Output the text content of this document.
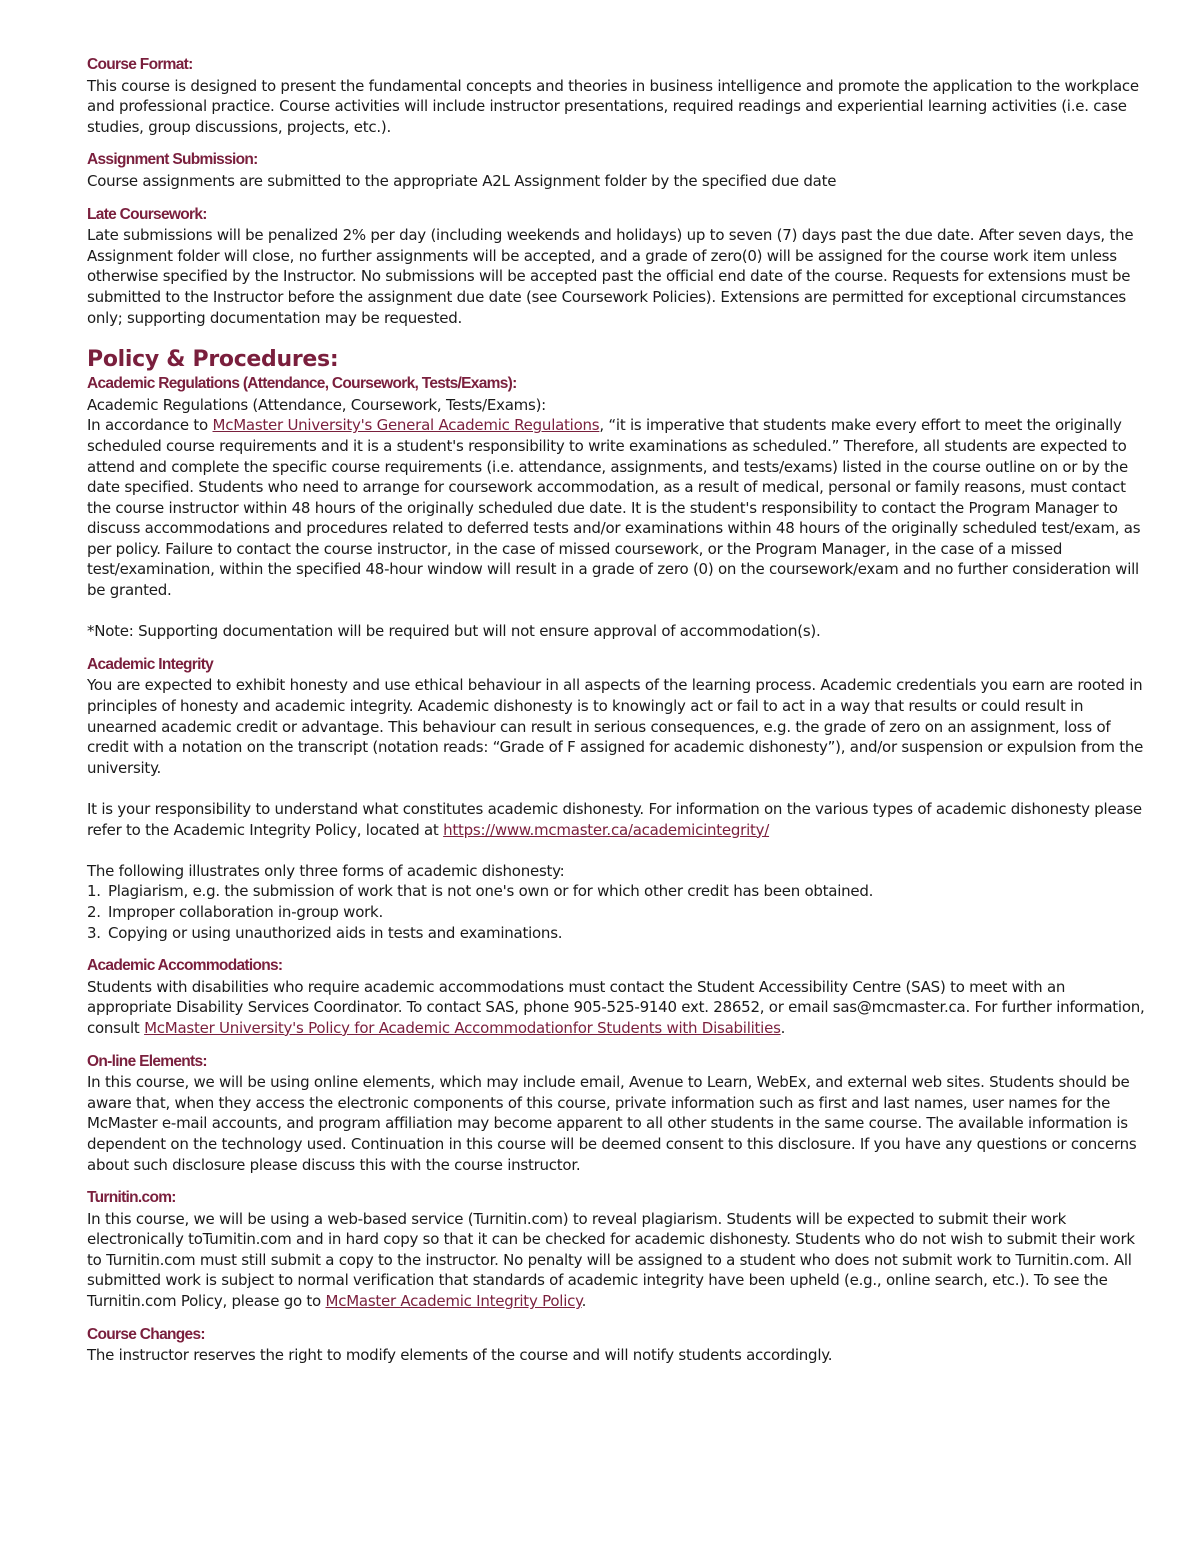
Course Format:

This course is designed to present the fundamental concepts and theories in business intelligence and promote the application to the workplace and professional practice. Course activities will include instructor presentations, required readings and experiential learning activities (i.e. case studies, group discussions, projects, etc.).

Assignment Submission:

Course assignments are submitted to the appropriate A2L Assignment folder by the specified due date

Late Coursework:

Late submissions will be penalized 2% per day (including weekends and holidays) up to seven (7) days past the due date. After seven days, the Assignment folder will close, no further assignments will be accepted, and a grade of zero(0) will be assigned for the course work item unless otherwise specified by the Instructor. No submissions will be accepted past the official end date of the course. Requests for extensions must be submitted to the Instructor before the assignment due date (see Coursework Policies). Extensions are permitted for exceptional circumstances only; supporting documentation may be requested.

Policy & Procedures:

Academic Regulations (Attendance, Coursework, Tests/Exams):

Academic Regulations (Attendance, Coursework, Tests/Exams):

In accordance to McMaster University's General Academic Regulations, “it is imperative that students make every effort to meet the originally scheduled course requirements and it is a student's responsibility to write examinations as scheduled.” Therefore, all students are expected to attend and complete the specific course requirements (i.e. attendance, assignments, and tests/exams) listed in the course outline on or by the date specified. Students who need to arrange for coursework accommodation, as a result of medical, personal or family reasons, must contact the course instructor within 48 hours of the originally scheduled due date. It is the student's responsibility to contact the Program Manager to discuss accommodations and procedures related to deferred tests and/or examinations within 48 hours of the originally scheduled test/exam, as per policy. Failure to contact the course instructor, in the case of missed coursework, or the Program Manager, in the case of a missed test/examination, within the specified 48-hour window will result in a grade of zero (0) on the coursework/exam and no further consideration will be granted.

*Note: Supporting documentation will be required but will not ensure approval of accommodation(s).

Academic Integrity

You are expected to exhibit honesty and use ethical behaviour in all aspects of the learning process. Academic credentials you earn are rooted in principles of honesty and academic integrity. Academic dishonesty is to knowingly act or fail to act in a way that results or could result in unearned academic credit or advantage. This behaviour can result in serious consequences, e.g. the grade of zero on an assignment, loss of credit with a notation on the transcript (notation reads: “Grade of F assigned for academic dishonesty”), and/or suspension or expulsion from the university.

It is your responsibility to understand what constitutes academic dishonesty. For information on the various types of academic dishonesty please refer to the Academic Integrity Policy, located at https://www.mcmaster.ca/academicintegrity/

The following illustrates only three forms of academic dishonesty:

1. Plagiarism, e.g. the submission of work that is not one's own or for which other credit has been obtained.
2. Improper collaboration in-group work.
3. Copying or using unauthorized aids in tests and examinations.

Academic Accommodations:

Students with disabilities who require academic accommodations must contact the Student Accessibility Centre (SAS) to meet with an appropriate Disability Services Coordinator. To contact SAS, phone 905-525-9140 ext. 28652, or email sas@mcmaster.ca. For further information, consult McMaster University's Policy for Academic Accommodationfor Students with Disabilities.

On-line Elements:

In this course, we will be using online elements, which may include email, Avenue to Learn, WebEx, and external web sites. Students should be aware that, when they access the electronic components of this course, private information such as first and last names, user names for the McMaster e-mail accounts, and program affiliation may become apparent to all other students in the same course. The available information is dependent on the technology used. Continuation in this course will be deemed consent to this disclosure. If you have any questions or concerns about such disclosure please discuss this with the course instructor.

Turnitin.com:

In this course, we will be using a web-based service (Turnitin.com) to reveal plagiarism. Students will be expected to submit their work electronically toTumitin.com and in hard copy so that it can be checked for academic dishonesty. Students who do not wish to submit their work to Turnitin.com must still submit a copy to the instructor. No penalty will be assigned to a student who does not submit work to Turnitin.com. All submitted work is subject to normal verification that standards of academic integrity have been upheld (e.g., online search, etc.). To see the Turnitin.com Policy, please go to McMaster Academic Integrity Policy.

Course Changes:

The instructor reserves the right to modify elements of the course and will notify students accordingly.
